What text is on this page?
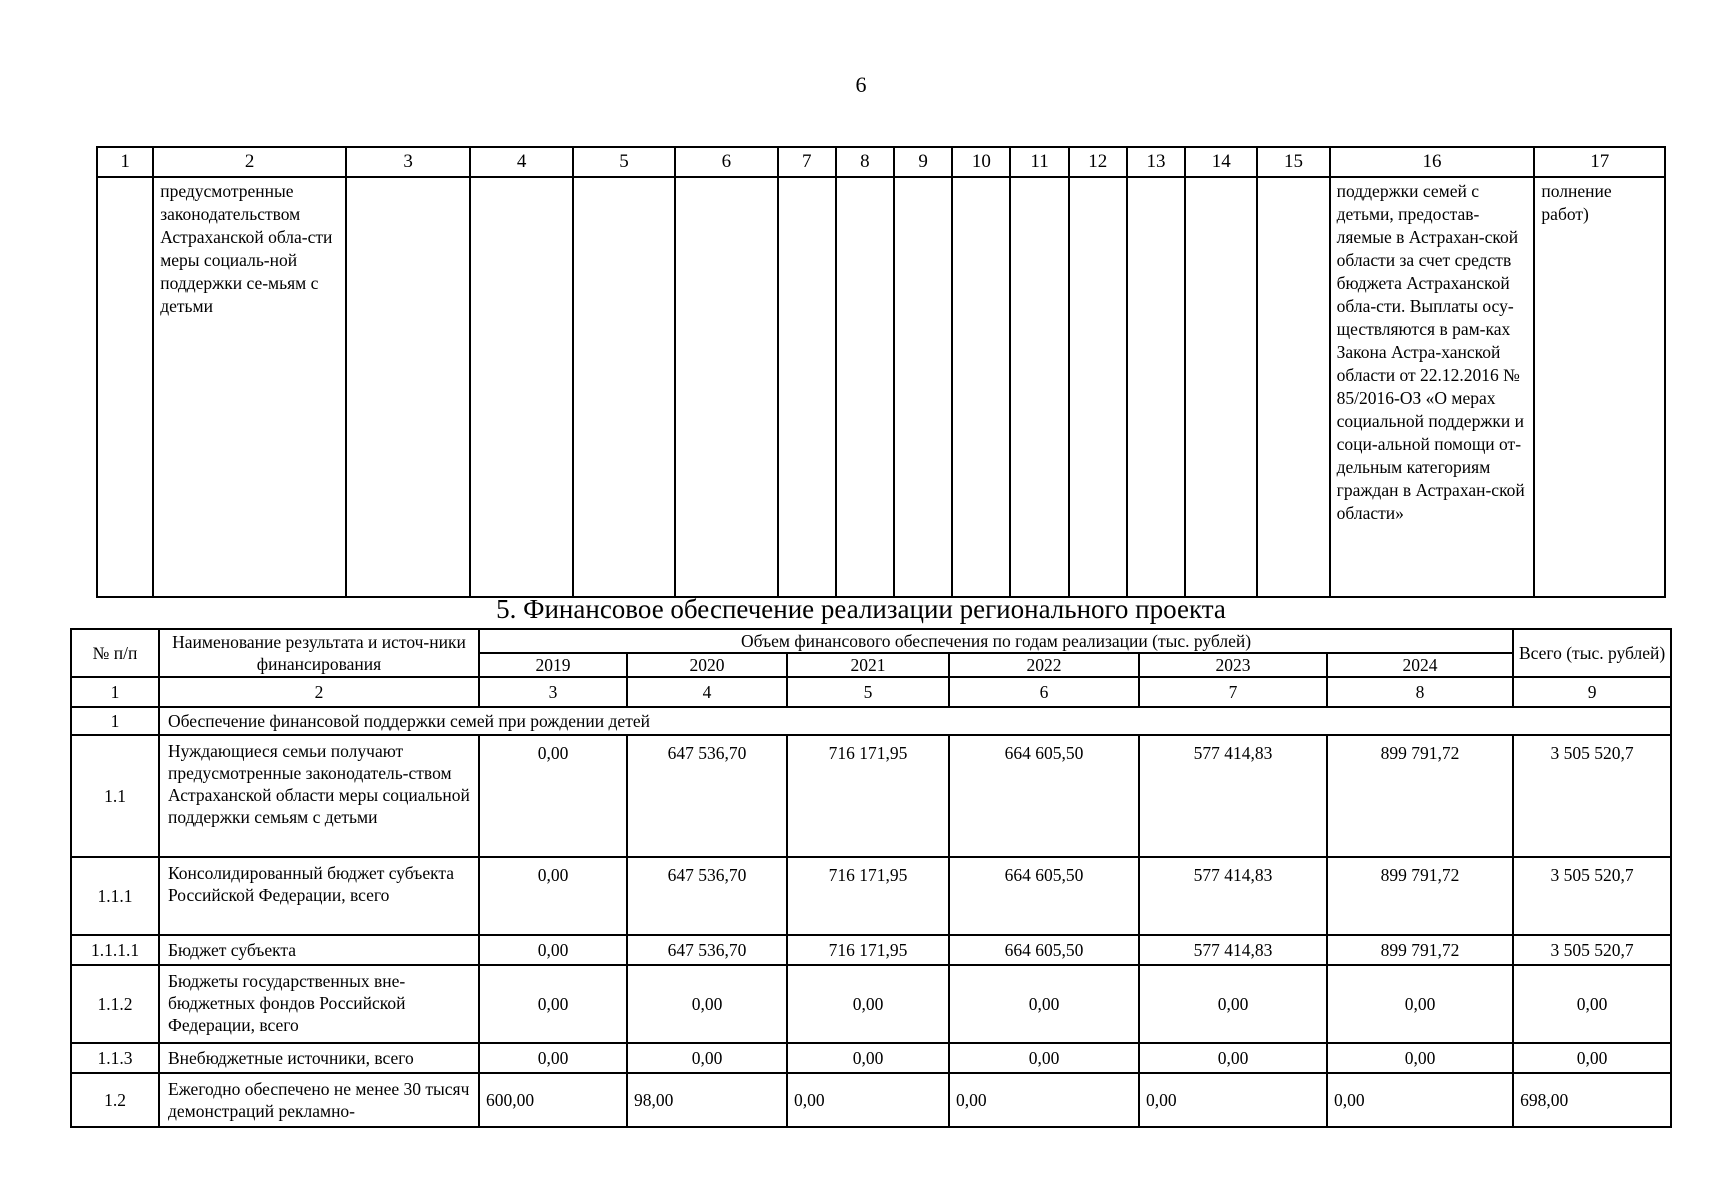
6
1	2	3	4	5	6	7	8	9	10	11	12	13	14	15	16	17
	предусмотренные законодательством Астраханской обла-сти меры социаль-ной поддержки се-мьям с детьми														поддержки семей с детьми, предостав-ляемые в Астрахан-ской области за счет средств бюджета Астраханской обла-сти. Выплаты осу-ществляются в рам-ках Закона Астра-ханской области от 22.12.2016 № 85/2016-ОЗ «О мерах социальной поддержки и соци-альной помощи от-дельным категориям граждан в Астрахан-ской области»	полнение работ)
5. Финансовое обеспечение реализации регионального проекта
№ п/п	Наименование результата и источ-ники финансирования	Объем финансового обеспечения по годам реализации (тыс. рублей)						Всего (тыс. рублей)
		2019	2020	2021	2022	2023	2024	
1	2	3	4	5	6	7	8	9
1	Обеспечение финансовой поддержки семей при рождении детей							
1.1	Нуждающиеся семьи получают предусмотренные законодатель-ством Астраханской области меры социальной поддержки семьям с детьми	0,00	647 536,70	716 171,95	664 605,50	577 414,83	899 791,72	3 505 520,7
1.1.1	Консолидированный бюджет субъекта Российской Федерации, всего	0,00	647 536,70	716 171,95	664 605,50	577 414,83	899 791,72	3 505 520,7
1.1.1.1	Бюджет субъекта	0,00	647 536,70	716 171,95	664 605,50	577 414,83	899 791,72	3 505 520,7
1.1.2	Бюджеты государственных вне-бюджетных фондов Российской Федерации, всего	0,00	0,00	0,00	0,00	0,00	0,00	0,00
1.1.3	Внебюджетные источники, всего	0,00	0,00	0,00	0,00	0,00	0,00	0,00
1.2	Ежегодно обеспечено не менее 30 тысяч демонстраций рекламно-	600,00	98,00	0,00	0,00	0,00	0,00	698,00
